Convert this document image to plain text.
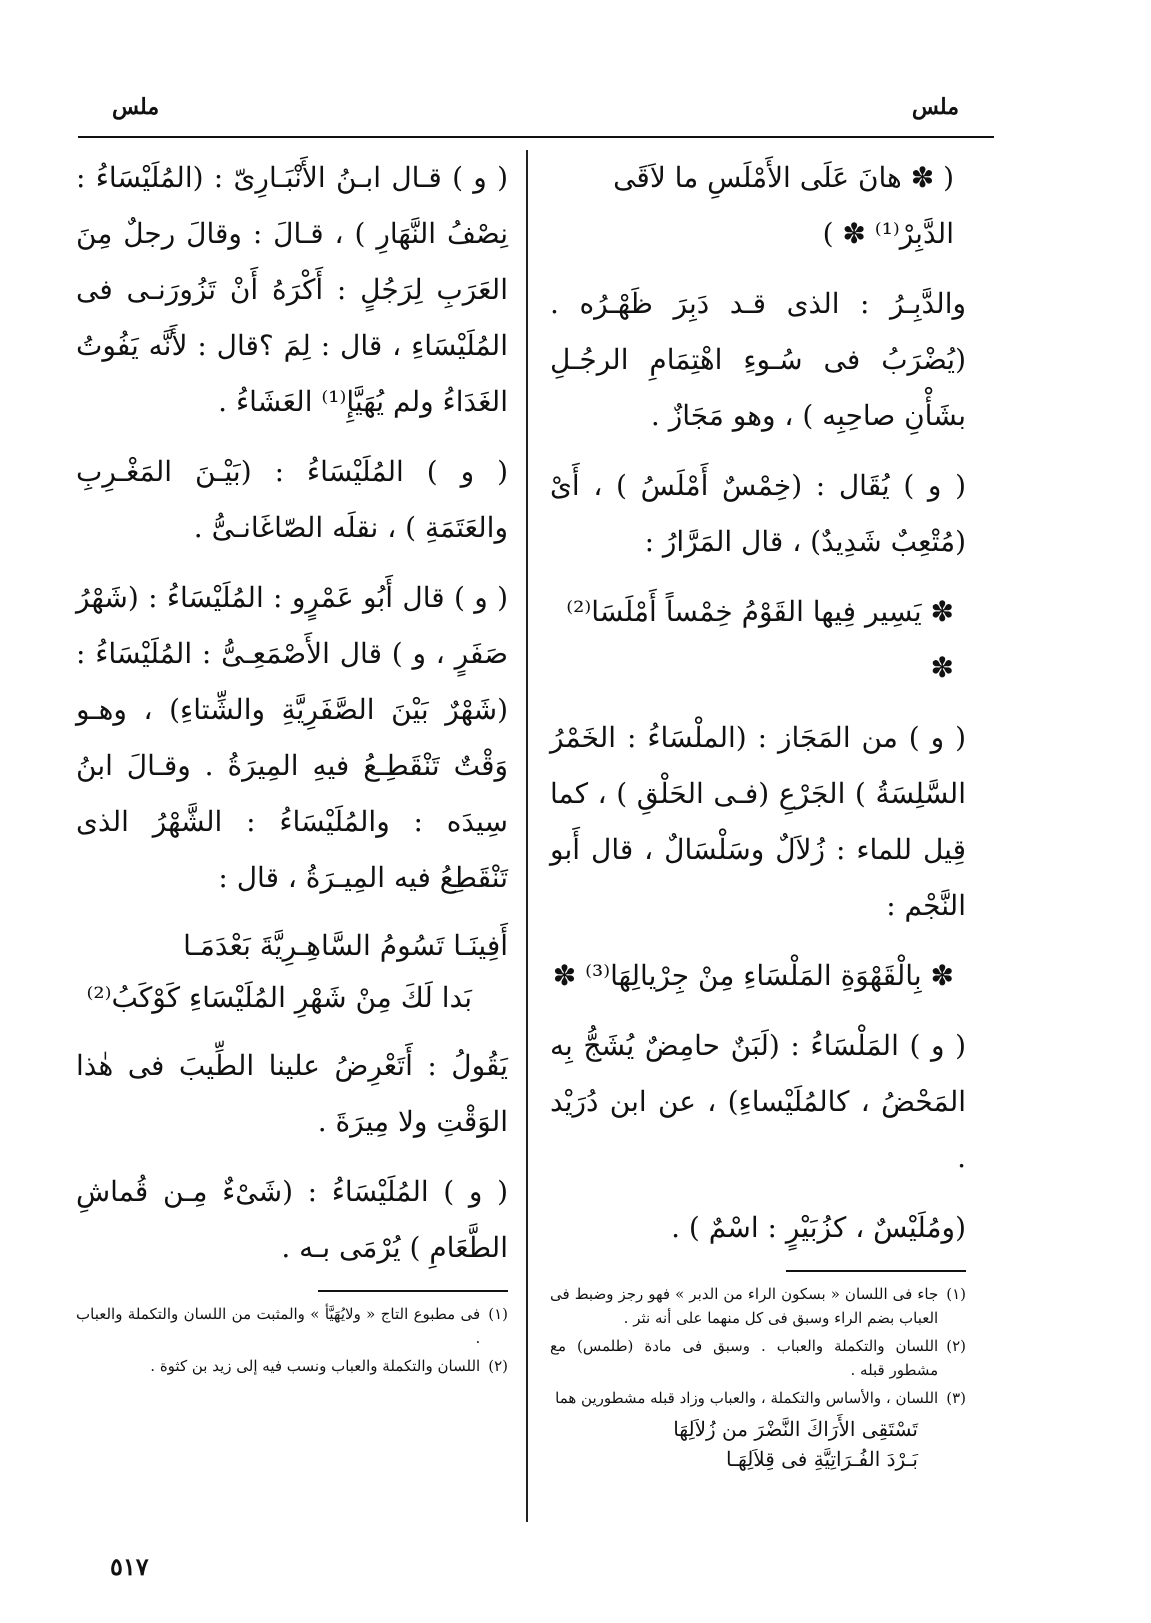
ملس
ملس

( ✽ هانَ عَلَى الأَمْلَسِ ما لاَقَى الدَّبِرْ⁽¹⁾ ✽ )

والدَّبِـرُ : الذى قـد دَبِرَ ظَهْـرُه . (يُضْرَبُ فى سُـوءِ اهْتِمَامِ الرجُـلِ بشَأْنِ صاحِبِه ) ، وهو مَجَازٌ .

( و ) يُقَال : (خِمْسٌ أَمْلَسُ ) ، أَىْ (مُتْعِبٌ شَدِيدٌ) ، قال المَرَّارُ :

✽ يَسِير فِيها القَوْمُ خِمْساً أَمْلَسَا⁽²⁾ ✽

( و ) من المَجَاز : (الملْسَاءُ : الخَمْرُ السَّلِسَةُ ) الجَرْعِ (فـى الحَلْقِ ) ، كما قِيل للماء : زُلاَلٌ وسَلْسَالٌ ، قال أَبو النَّجْم :

✽ بِالْقَهْوَةِ المَلْسَاءِ مِنْ جِرْيالِهَا⁽³⁾ ✽

( و ) المَلْسَاءُ : (لَبَنٌ حامِضٌ يُشَجُّ بِه المَحْضُ ، كالمُلَيْساءِ) ، عن ابن دُرَيْد .

(ومُلَيْسٌ ، كزُبَيْرٍ : اسْمٌ ) .

(١)
جاء فى اللسان « بسكون الراء من الدبر » فهو رجز وضبط فى العباب بضم الراء وسبق فى كل منهما على أنه نثر .
(٢)
اللسان والتكملة والعباب . وسبق فى مادة (طلمس) مع مشطور قبله .
(٣)
اللسان ، والأساس والتكملة ، والعباب وزاد قبله مشطورين هما
تَسْتَقِى الأَرَاكَ النَّضْرَ من زُلاَلِهَا
بَـرْدَ الفُـرَاتِيَّةِ فى قِلاَلِهَـا

( و ) قـال ابـنُ الأَنْبَـارِىّ : (المُلَيْسَاءُ : نِصْفُ النَّهَارِ ) ، قـالَ : وقالَ رجلٌ مِنَ العَرَبِ لِرَجُلٍ : أَكْرَهُ أَنْ تَزُورَنـى فى المُلَيْسَاءِ ، قال : لِمَ ؟قال : لأَنَّه يَفُوتُ الغَدَاءُ ولم يُهَيَّإِ⁽¹⁾ العَشَاءُ .

( و ) المُلَيْسَاءُ : (بَيْـنَ المَغْـرِبِ والعَتَمَةِ ) ، نقلَه الصّاغَانـىُّ .

( و ) قال أَبُو عَمْرٍو : المُلَيْسَاءُ : (شَهْرُ صَفَرٍ ، و ) قال الأَصْمَعِـىُّ : المُلَيْسَاءُ : (شَهْرٌ بَيْنَ الصَّفَرِيَّةِ والشِّتاءِ) ، وهـو وَقْتٌ تَنْقَطِـعُ فيهِ المِيرَةُ . وقـالَ ابنُ سِيدَه : والمُلَيْسَاءُ : الشَّهْرُ الذى تَنْقَطِعُ فيه المِيـرَةُ ، قال :

أَفِينَـا تَسُومُ السَّاهِـرِيَّةَ بَعْدَمَـا
بَدا لَكَ مِنْ شَهْرِ المُلَيْسَاءِ كَوْكَبُ⁽²⁾

يَقُولُ : أَتَعْرِضُ علينا الطِّيبَ فى هٰذا الوَقْتِ ولا مِيرَةَ .

( و ) المُلَيْسَاءُ : (شَىْءٌ مِـن قُماشِ الطَّعَامِ ) يُرْمَى بـه .

(١)
فى مطبوع التاج « ولايُهَيَّأ » والمثبت من اللسان والتكملة والعباب .
(٢)
اللسان والتكملة والعباب ونسب فيه إلى زيد بن كثوة .
٥١٧
